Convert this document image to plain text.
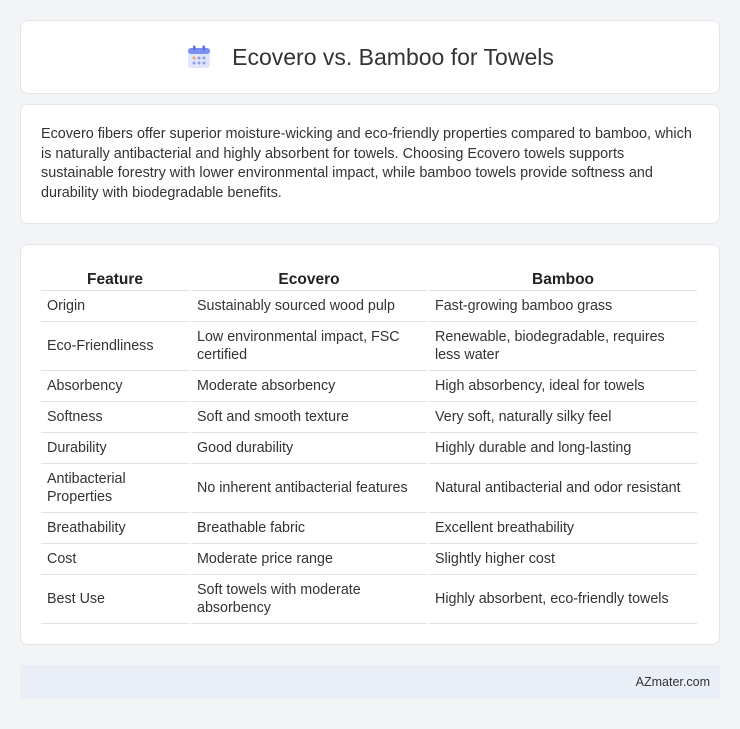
Ecovero vs. Bamboo for Towels

Ecovero fibers offer superior moisture-wicking and eco-friendly properties compared to bamboo, which is naturally antibacterial and highly absorbent for towels. Choosing Ecovero towels supports sustainable forestry with lower environmental impact, while bamboo towels provide softness and durability with biodegradable benefits.

Feature	Ecovero	Bamboo
Origin	Sustainably sourced wood pulp	Fast-growing bamboo grass
Eco-Friendliness	Low environmental impact, FSC certified	Renewable, biodegradable, requires less water
Absorbency	Moderate absorbency	High absorbency, ideal for towels
Softness	Soft and smooth texture	Very soft, naturally silky feel
Durability	Good durability	Highly durable and long-lasting
Antibacterial Properties	No inherent antibacterial features	Natural antibacterial and odor resistant
Breathability	Breathable fabric	Excellent breathability
Cost	Moderate price range	Slightly higher cost
Best Use	Soft towels with moderate absorbency	Highly absorbent, eco-friendly towels
AZmater.com
